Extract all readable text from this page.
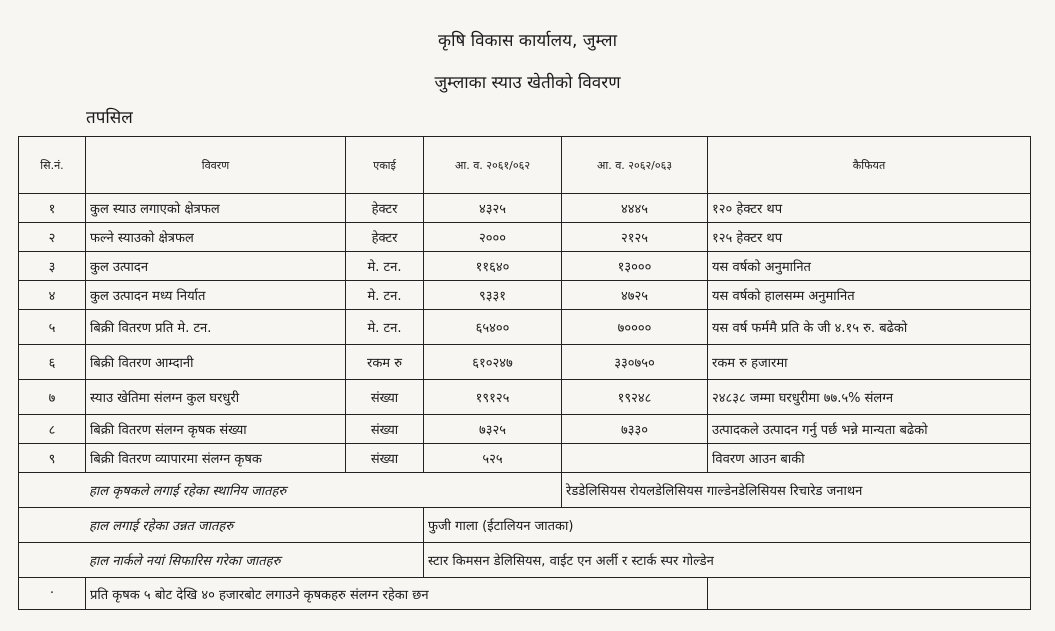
कृषि विकास कार्यालय, जुम्ला
जुम्लाका स्याउ खेतीको विवरण
तपसिल
सि.नं.	विवरण	एकाई	आ. व. २०६१/०६२	आ. व. २०६२/०६३	कैफियत
१	कुल स्याउ लगाएको क्षेत्रफल	हेक्टर	४३२५	४४४५	१२० हेक्टर थप
२	फल्ने स्याउको क्षेत्रफल	हेक्टर	२०००	२१२५	१२५ हेक्टर थप
३	कुल उत्पादन	मे. टन.	११६४०	१३०००	यस वर्षको अनुमानित
४	कुल उत्पादन मध्य निर्यात	मे. टन.	९३३१	४७२५	यस वर्षको हालसम्म अनुमानित
५	बिक्री वितरण प्रति मे. टन.	मे. टन.	६५४००	७००००	यस वर्ष फर्ममै प्रति के जी ४.१५ रु. बढेको
६	बिक्री वितरण आम्दानी	रकम रु	६१०२४७	३३०७५०	रकम रु हजारमा
७	स्याउ खेतिमा संलग्न कुल घरधुरी	संख्या	१९१२५	१९२४८	२४८३८ जम्मा घरधुरीमा ७७.५% संलग्न
८	बिक्री वितरण संलग्न कृषक संख्या	संख्या	७३२५	७३३०	उत्पादकले उत्पादन गर्नु पर्छ भन्ने मान्यता बढेको
९	बिक्री वितरण व्यापारमा संलग्न कृषक	संख्या	५२५		विवरण आउन बाकी
हाल कृषकले लगाई रहेका स्थानिय जातहरु				रेडडेलिसियस रोयलडेलिसियस गाल्डेनडेलिसियस रिचारेड जनाथन	
हाल लगाई रहेका उन्नत जातहरु			फुजी गाला (ईटालियन जातका)		
हाल नार्कले नयां सिफारिस गरेका जातहरु			स्टार किमसन डेलिसियस, वाईट एन अर्ली र स्टार्क स्पर गोल्डेन		
·	प्रति कृषक ५ बोट देखि ४० हजारबोट लगाउने कृषकहरु संलग्न रहेका छन				
